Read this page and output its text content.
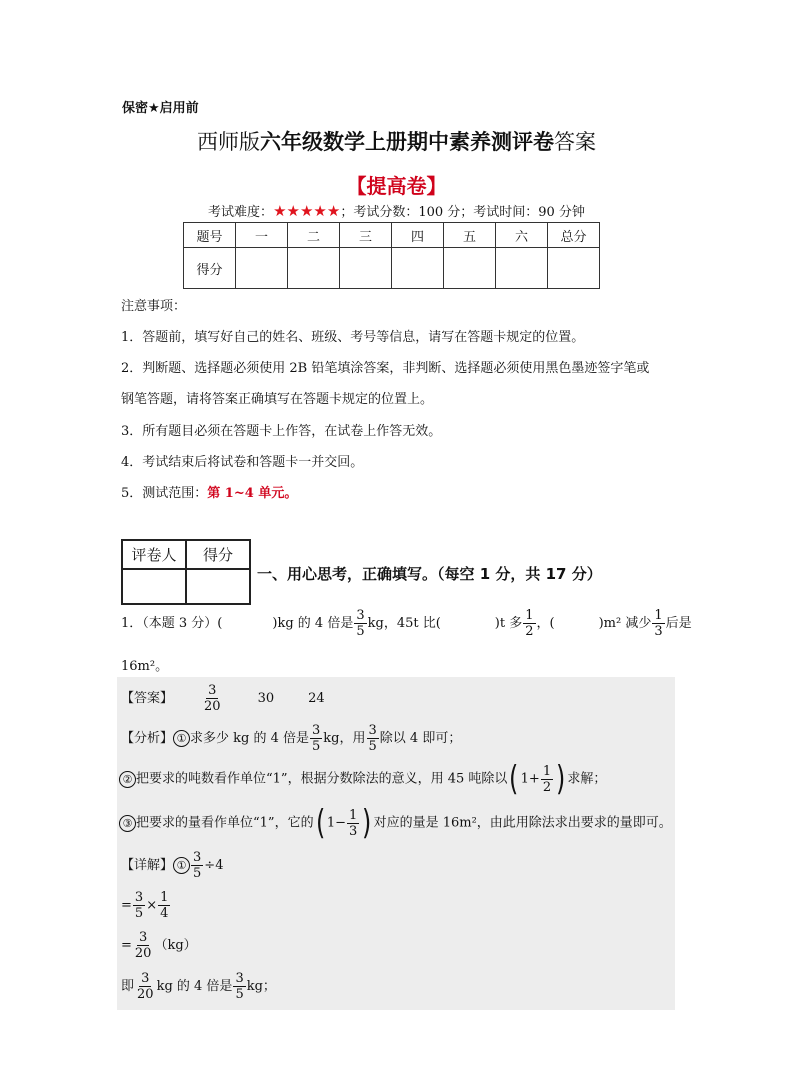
保密★启用前
西师版六年级数学上册期中素养测评卷答案
【提高卷】
考试难度：★★★★★；考试分数：100 分；考试时间：90 分钟
题号	一	二	三	四	五	六	总分
得分							
注意事项：
1．答题前，填写好自己的姓名、班级、考号等信息，请写在答题卡规定的位置。
2．判断题、选择题必须使用 2B 铅笔填涂答案，非判断、选择题必须使用黑色墨迹签字笔或
钢笔答题，请将答案正确填写在答题卡规定的位置上。
3．所有题目必须在答题卡上作答，在试卷上作答无效。
4．考试结束后将试卷和答题卡一并交回。
5．测试范围：第 1~4 单元。
评卷人	得分

一、用心思考，正确填写。（每空 1 分，共 17 分）
1．（本题 3 分）(	)kg 的 4 倍是 $\frac{3}{5}$ kg，45t 比(	)t 多 $\frac{1}{2}$ ，(	)m² 减少 $\frac{1}{3}$ 后是
16m²。
【答案】 $\frac{3}{20}$	30	24
【分析】 ① 求多少 kg 的 4 倍是 $\frac{3}{5}$ kg，用 $\frac{3}{5}$ 除以 4 即可；
② 把要求的吨数看作单位“1”，根据分数除法的意义，用 45 吨除以( $1+ \frac{1}{2}$ ) 求解；
③ 把要求的量看作单位“1”，它的( $1- \frac{1}{3}$ ) 对应的量是 16m²，由此用除法求出要求的量即可。
【详解】 ① $\frac{3}{5} \div 4$
= $\frac{3}{5} \times \frac{1}{4}$
= $\frac{3}{20} (kg)$
即 $\frac{3}{20}$ kg 的 4 倍是 $\frac{3}{5}$ kg；
